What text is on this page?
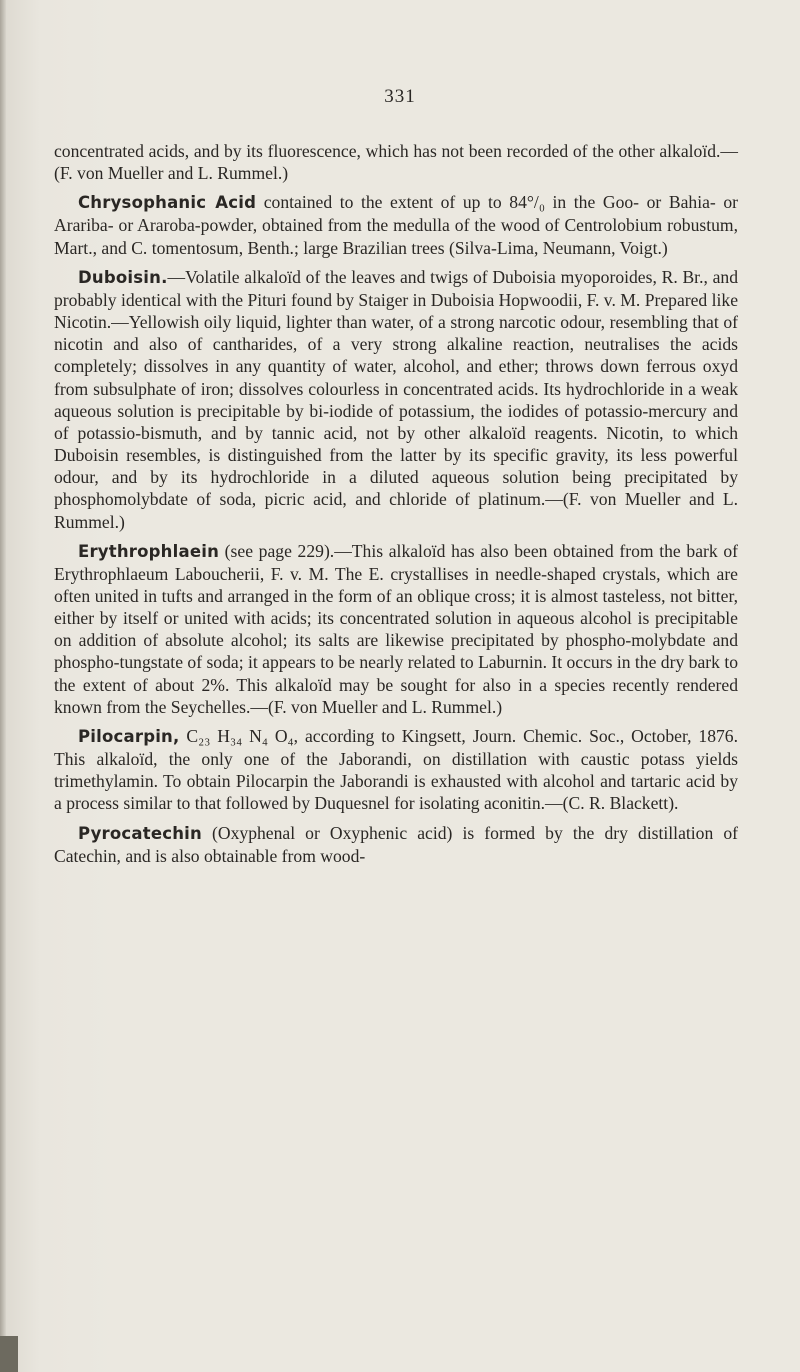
331

concentrated acids, and by its fluorescence, which has not been recorded of the other alkaloïd.—(F. von Mueller and L. Rummel.)

Chrysophanic Acid contained to the extent of up to 84°/₀ in the Goo- or Bahia- or Arariba- or Araroba-powder, obtained from the medulla of the wood of Centrolobium robustum, Mart., and C. tomentosum, Benth.; large Brazilian trees (Silva-Lima, Neumann, Voigt.)

Duboisin.—Volatile alkaloïd of the leaves and twigs of Duboisia myoporoides, R. Br., and probably identical with the Pituri found by Staiger in Duboisia Hopwoodii, F. v. M. Prepared like Nicotin.—Yellowish oily liquid, lighter than water, of a strong narcotic odour, resembling that of nicotin and also of cantharides, of a very strong alkaline reaction, neutralises the acids completely; dissolves in any quantity of water, alcohol, and ether; throws down ferrous oxyd from subsulphate of iron; dissolves colourless in concentrated acids. Its hydrochloride in a weak aqueous solution is precipitable by bi-iodide of potassium, the iodides of potassio-mercury and of potassio-bismuth, and by tannic acid, not by other alkaloïd reagents. Nicotin, to which Duboisin resembles, is distinguished from the latter by its specific gravity, its less powerful odour, and by its hydrochloride in a diluted aqueous solution being precipitated by phosphomolybdate of soda, picric acid, and chloride of platinum.—(F. von Mueller and L. Rummel.)

Erythrophlaein (see page 229).—This alkaloïd has also been obtained from the bark of Erythrophlaeum Laboucherii, F. v. M. The E. crystallises in needle-shaped crystals, which are often united in tufts and arranged in the form of an oblique cross; it is almost tasteless, not bitter, either by itself or united with acids; its concentrated solution in aqueous alcohol is precipitable on addition of absolute alcohol; its salts are likewise precipitated by phospho-molybdate and phospho-tungstate of soda; it appears to be nearly related to Laburnin. It occurs in the dry bark to the extent of about 2%. This alkaloïd may be sought for also in a species recently rendered known from the Seychelles.—(F. von Mueller and L. Rummel.)

Pilocarpin, C₂₃ H₃₄ N₄ O₄, according to Kingsett, Journ. Chemic. Soc., October, 1876. This alkaloïd, the only one of the Jaborandi, on distillation with caustic potass yields trimethylamin. To obtain Pilocarpin the Jaborandi is exhausted with alcohol and tartaric acid by a process similar to that followed by Duquesnel for isolating aconitin.—(C. R. Blackett).

Pyrocatechin (Oxyphenal or Oxyphenic acid) is formed by the dry distillation of Catechin, and is also obtainable from wood-
